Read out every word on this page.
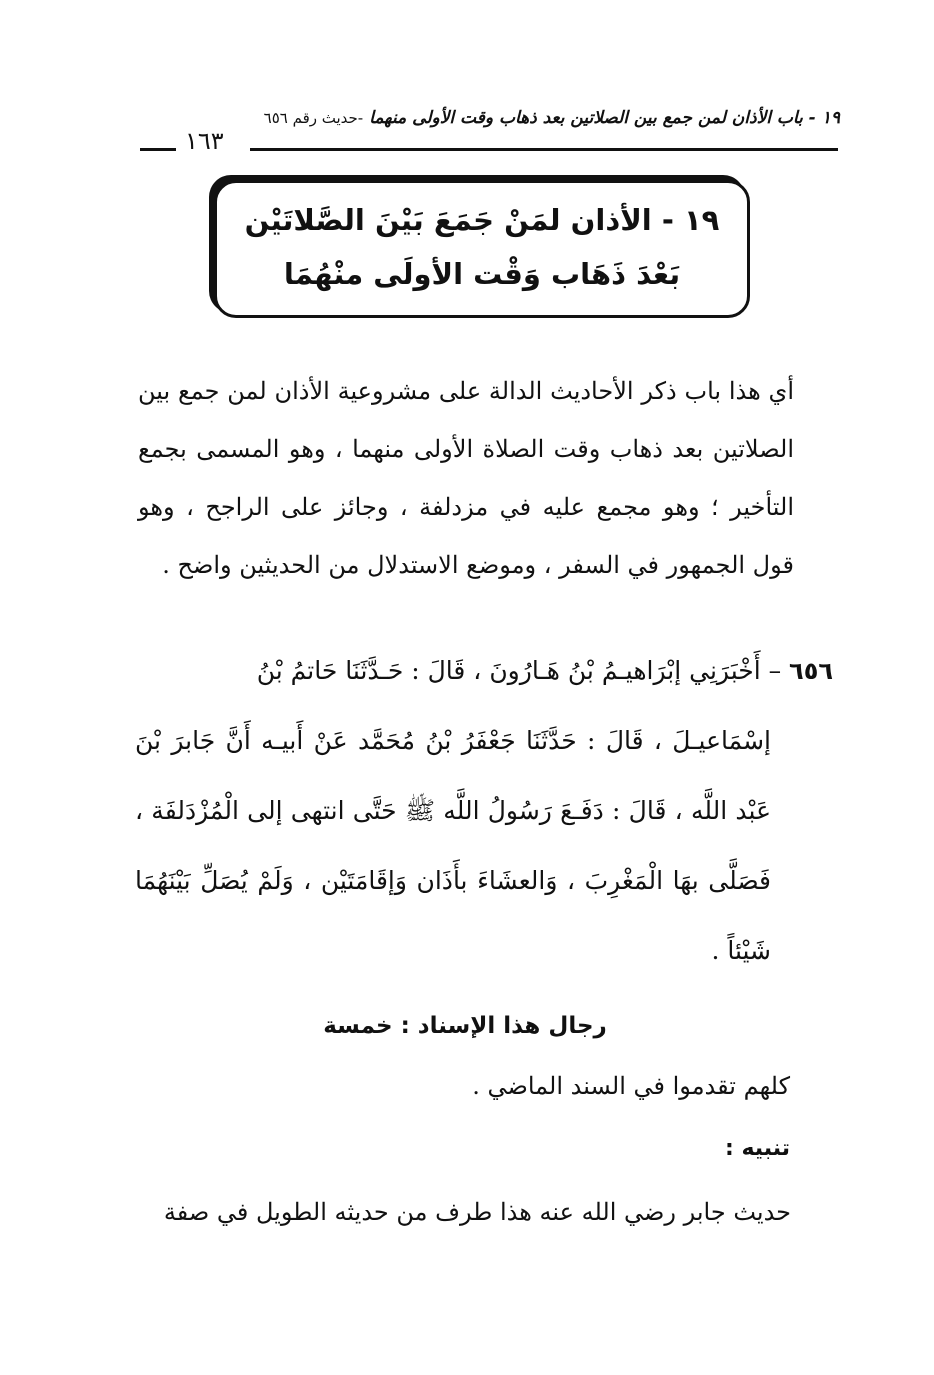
١٩ - باب الأذان لمن جمع بين الصلاتين بعد ذهاب وقت الأولى منهما -حديث رقم ٦٥٦
١٦٣
١٩ - الأذان لمَنْ جَمَعَ بَيْنَ الصَّلاتَيْن
بَعْدَ ذَهَاب وَقْت الأولَى منْهُمَا

أي هذا باب ذكر الأحاديث الدالة على مشروعية الأذان لمن جمع بين الصلاتين بعد ذهاب وقت الصلاة الأولى منهما ، وهو المسمى بجمع التأخير ؛ وهو مجمع عليه في مزدلفة ، وجائز على الراجح ، وهو قول الجمهور في السفر ، وموضع الاستدلال من الحديثين واضح .

٦٥٦ – أَخْبَرَنِي إبْرَاهيـمُ بْنُ هَـارُونَ ، قَالَ : حَـدَّثَنَا حَاتمُ بْنُ
إسْمَاعيـلَ ، قَالَ : حَدَّثَنَا جَعْفَرُ بْنُ مُحَمَّد عَنْ أَبيـه أَنَّ جَابرَ بْنَ عَبْد اللَّه ، قَالَ : دَفَـعَ رَسُولُ اللَّه ﷺ حَتَّى انتهى إلى الْمُزْدَلفَة ، فَصَلَّى بهَا الْمَغْرِبَ ، وَالعشَاءَ بأَذَان وَإقَامَتَيْن ، وَلَمْ يُصَلِّ بَيْنَهُمَا شَيْئاً .

رجال هذا الإسناد : خمسة
كلهم تقدموا في السند الماضي .
تنبيه :
حديث جابر رضي الله عنه هذا طرف من حديثه الطويل في صفة
